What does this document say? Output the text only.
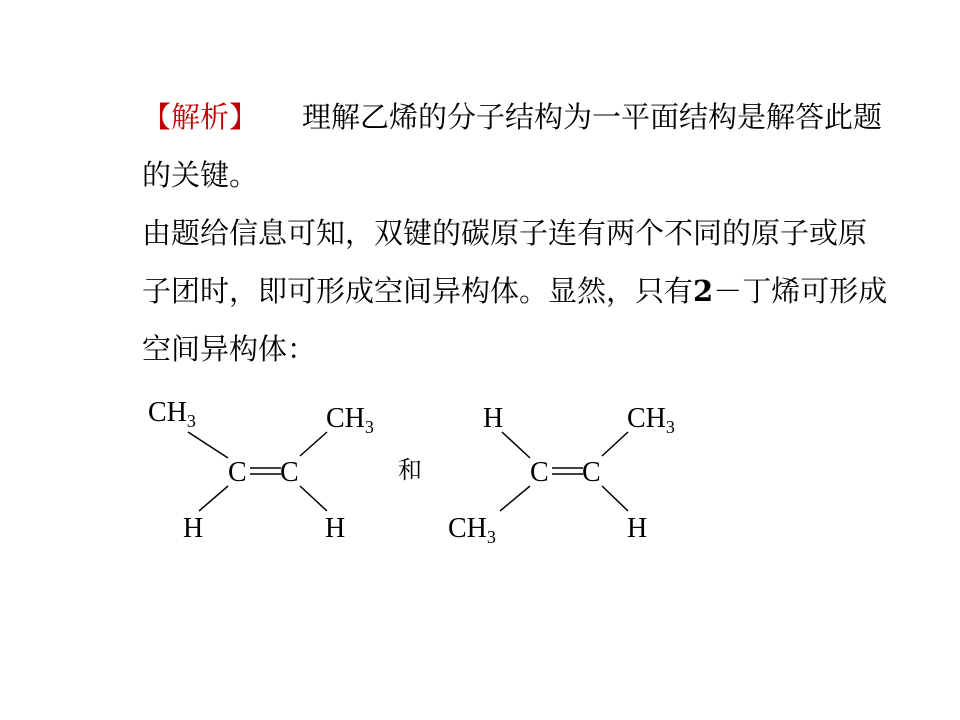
【解析】 理解乙烯的分子结构为一平面结构是解答此题的关键。

由题给信息可知，双键的碳原子连有两个不同的原子或原子团时，即可形成空间异构体。显然，只有2－丁烯可形成空间异构体：

$CH_3$	$CH_3$
C C
H	H
和
H	$CH_3$
C C
$CH_3$	H
